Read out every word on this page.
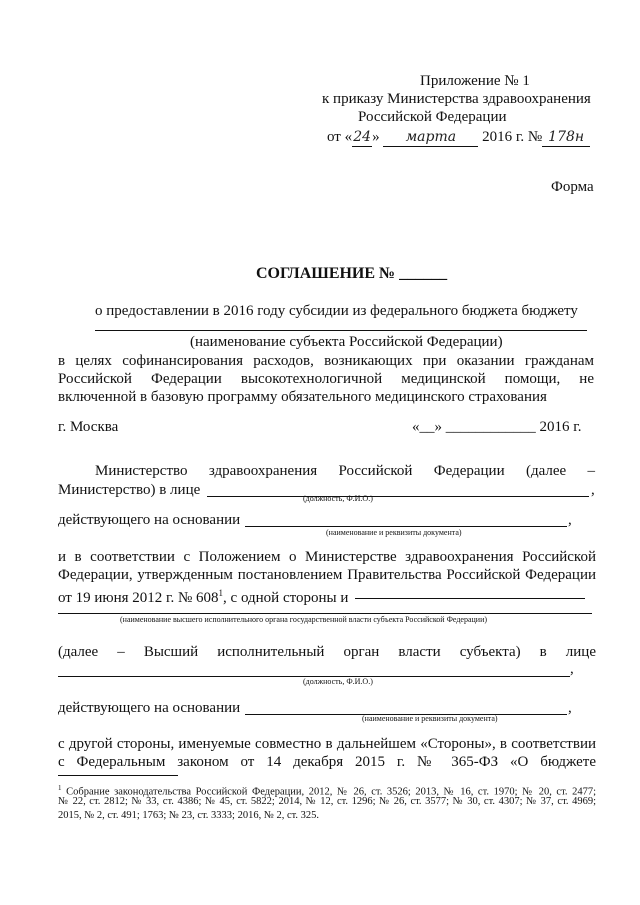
Приложение № 1
к приказу Министерства здравоохранения
Российской Федерации
от «24» марта 2016 г. № 178н
Форма
СОГЛАШЕНИЕ № ______
о предоставлении в 2016 году субсидии из федерального бюджета бюджету
(наименование субъекта Российской Федерации)
в целях софинансирования расходов, возникающих при оказании гражданам
Российской Федерации высокотехнологичной медицинской помощи, не
включенной в базовую программу обязательного медицинского страхования
г. Москва	«__» ____________ 2016 г.
Министерство здравоохранения Российской Федерации (далее –
Министерство) в лице	,
(должность, Ф.И.О.)
действующего на основании	,
(наименование и реквизиты документа)
и в соответствии с Положением о Министерстве здравоохранения Российской
Федерации, утвержденным постановлением Правительства Российской Федерации
от 19 июня 2012 г. № $608^1$, с одной стороны и
(наименование высшего исполнительного органа государственной власти субъекта Российской Федерации)
(далее – Высший исполнительный орган власти субъекта) в лице
,
(должность, Ф.И.О.)
действующего на основании	,
(наименование и реквизиты документа)
с другой стороны, именуемые совместно в дальнейшем «Стороны», в соответствии
с Федеральным законом от 14 декабря 2015 г. № 365-ФЗ «О бюджете
$^1$ Собрание законодательства Российской Федерации, 2012, № 26, ст. 3526; 2013, № 16, ст. 1970; № 20, ст. 2477;
№ 22, ст. 2812; № 33, ст. 4386; № 45, ст. 5822; 2014, № 12, ст. 1296; № 26, ст. 3577; № 30, ст. 4307; № 37, ст. 4969;
2015, № 2, ст. 491; 1763; № 23, ст. 3333; 2016, № 2, ст. 325.
